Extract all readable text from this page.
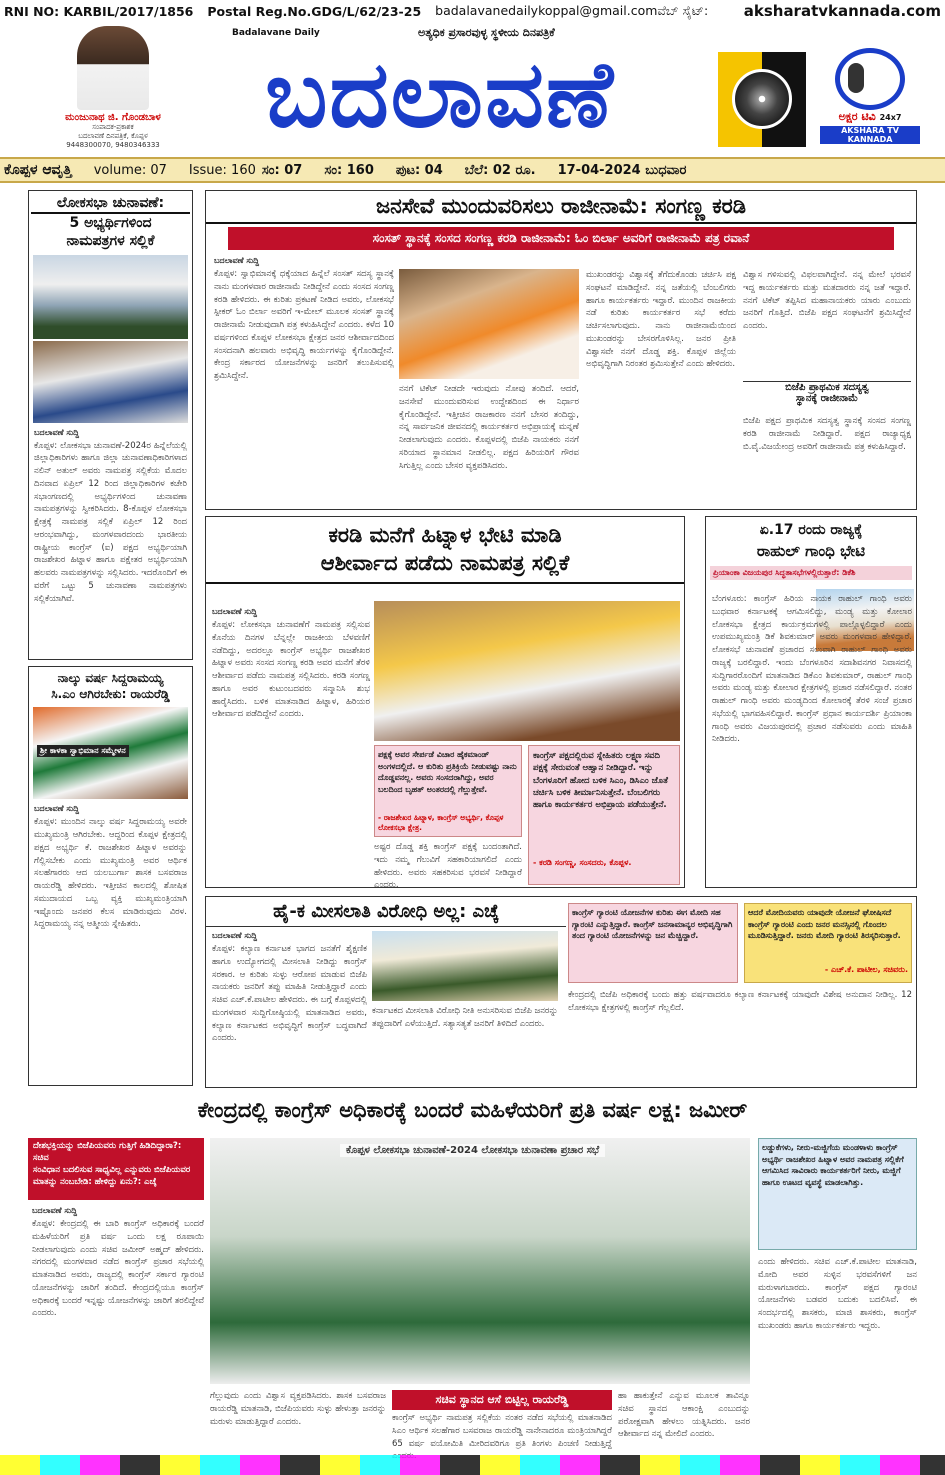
RNI NO: KARBIL/2017/1856 Postal Reg.No.GDG/L/62/23-25 badalavanedailykoppal@gmail.comವೆಬ್ ಸೈಟ್: aksharatvkannada.com
ಮಂಜುನಾಥ ಜಿ. ಗೊಂಡಬಾಳ
ಸಂಪಾದಕ-ಪ್ರಕಾಶಕ
ಬದಲಾವಣೆ ದಿನಪತ್ರಿಕೆ, ಕೊಪ್ಪಳ
9448300070, 9480346333
Badalavane Daily	ಅತ್ಯಧಿಕ ಪ್ರಸಾರವುಳ್ಳ ಸ್ಥಳೀಯ ದಿನಪತ್ರಿಕೆ
ಬದಲಾವಣೆ	ಅಕ್ಷರ ಟಿವಿ 24x7
AKSHARA TV KANNADA
ಕೊಪ್ಪಳ ಆವೃತ್ತಿ volume: 07 Issue: 160 ಸಂ: 07 ಸಂ: 160 ಪುಟ: 04 ಬೆಲೆ: 02 ರೂ. 17-04-2024 ಬುಧವಾರ
ಲೋಕಸಭಾ ಚುನಾವಣೆ:
5 ಅಭ್ಯರ್ಥಿಗಳಿಂದ
ನಾಮಪತ್ರಗಳ ಸಲ್ಲಿಕೆ
ಬದಲಾವಣೆ ಸುದ್ದಿ
ಕೊಪ್ಪಳ: ಲೋಕಸಭಾ ಚುನಾವಣೆ-2024ರ ಹಿನ್ನೆಲೆಯಲ್ಲಿ ಜಿಲ್ಲಾಧಿಕಾರಿಗಳು ಹಾಗೂ ಜಿಲ್ಲಾ ಚುನಾವಣಾಧಿಕಾರಿಗಳಾದ ನಲಿನ್ ಅತುಲ್ ಅವರು ನಾಮಪತ್ರ ಸಲ್ಲಿಕೆಯ ಮೊದಲ ದಿನವಾದ ಏಪ್ರಿಲ್ 12 ರಿಂದ ಜಿಲ್ಲಾಧಿಕಾರಿಗಳ ಕಚೇರಿ ಸಭಾಂಗಣದಲ್ಲಿ ಅಭ್ಯರ್ಥಿಗಳಿಂದ ಚುನಾವಣಾ ನಾಮಪತ್ರಗಳನ್ನು ಸ್ವೀಕರಿಸಿದರು. 8-ಕೊಪ್ಪಳ ಲೋಕಸಭಾ ಕ್ಷೇತ್ರಕ್ಕೆ ನಾಮಪತ್ರ ಸಲ್ಲಿಕೆ ಏಪ್ರಿಲ್ 12 ರಿಂದ ಆರಂಭವಾಗಿದ್ದು, ಮಂಗಳವಾರದಂದು ಭಾರತೀಯ ರಾಷ್ಟ್ರೀಯ ಕಾಂಗ್ರೆಸ್ (ಐ) ಪಕ್ಷದ ಅಭ್ಯರ್ಥಿಯಾಗಿ ರಾಜಶೇಖರ ಹಿಟ್ನಾಳ ಹಾಗೂ ಪಕ್ಷೇತರ ಅಭ್ಯರ್ಥಿಯಾಗಿ ಹಲವರು ನಾಮಪತ್ರಗಳನ್ನು ಸಲ್ಲಿಸಿದರು. ಇದರೊಂದಿಗೆ ಈ ವರೆಗೆ ಒಟ್ಟು 5 ಚುನಾವಣಾ ನಾಮಪತ್ರಗಳು ಸಲ್ಲಿಕೆಯಾಗಿವೆ.
ನಾಲ್ಕು ವರ್ಷ ಸಿದ್ದರಾಮಯ್ಯ
ಸಿ.ಎಂ ಆಗಿರಬೇಕು: ರಾಯರೆಡ್ಡಿ
ಶ್ರೀ ಕಾಳಕಾ ಸ್ವಾಭಿಮಾನ ಸಮ್ಮೇಳನ
ಬದಲಾವಣೆ ಸುದ್ದಿ
ಕೊಪ್ಪಳ: ಮುಂದಿನ ನಾಲ್ಕು ವರ್ಷ ಸಿದ್ದರಾಮಯ್ಯ ಅವರೇ ಮುಖ್ಯಮಂತ್ರಿ ಆಗಿರಬೇಕು. ಆದ್ದರಿಂದ ಕೊಪ್ಪಳ ಕ್ಷೇತ್ರದಲ್ಲಿ ಪಕ್ಷದ ಅಭ್ಯರ್ಥಿ ಕೆ. ರಾಜಶೇಖರ ಹಿಟ್ನಾಳ ಅವರನ್ನು ಗೆಲ್ಲಿಸಬೇಕು ಎಂದು ಮುಖ್ಯಮಂತ್ರಿ ಅವರ ಆರ್ಥಿಕ ಸಲಹೆಗಾರರು ಆದ ಯಲಬುರ್ಗಾ ಶಾಸಕ ಬಸವರಾಜ ರಾಯರೆಡ್ಡಿ ಹೇಳಿದರು. ಇತ್ತೀಚಿನ ಕಾಲದಲ್ಲಿ ಶೋಷಿತ ಸಮುದಾಯದ ಒಬ್ಬ ವ್ಯಕ್ತಿ ಮುಖ್ಯಮಂತ್ರಿಯಾಗಿ ಇಷ್ಟೊಂದು ಜನಪರ ಕೆಲಸ ಮಾಡಿರುವುದು ವಿರಳ. ಸಿದ್ದರಾಮಯ್ಯ ನನ್ನ ಆತ್ಮೀಯ ಸ್ನೇಹಿತರು.
ಜನಸೇವೆ ಮುಂದುವರಿಸಲು ರಾಜೀನಾಮೆ: ಸಂಗಣ್ಣ ಕರಡಿ
ಸಂಸತ್ ಸ್ಥಾನಕ್ಕೆ ಸಂಸದ ಸಂಗಣ್ಣ ಕರಡಿ ರಾಜೀನಾಮೆ: ಓಂ ಬಿರ್ಲಾ ಅವರಿಗೆ ರಾಜೀನಾಮೆ ಪತ್ರ ರವಾನೆ
ಬದಲಾವಣೆ ಸುದ್ದಿ
ಕೊಪ್ಪಳ: ಸ್ವಾಭಿಮಾನಕ್ಕೆ ಧಕ್ಕೆಯಾದ ಹಿನ್ನೆಲೆ ಸಂಸತ್ ಸದಸ್ಯ ಸ್ಥಾನಕ್ಕೆ ನಾನು ಮಂಗಳವಾರ ರಾಜೀನಾಮೆ ನೀಡಿದ್ದೇನೆ ಎಂದು ಸಂಸದ ಸಂಗಣ್ಣ ಕರಡಿ ಹೇಳಿದರು. ಈ ಕುರಿತು ಪ್ರಕಟಣೆ ನೀಡಿದ ಅವರು, ಲೋಕಸಭೆ ಸ್ಪೀಕರ್ ಓಂ ಬಿರ್ಲಾ ಅವರಿಗೆ ಇ-ಮೇಲ್ ಮೂಲಕ ಸಂಸತ್ ಸ್ಥಾನಕ್ಕೆ ರಾಜೀನಾಮೆ ನೀಡುವುದಾಗಿ ಪತ್ರ ಕಳುಹಿಸಿದ್ದೇನೆ ಎಂದರು. ಕಳೆದ 10 ವರ್ಷಗಳಿಂದ ಕೊಪ್ಪಳ ಲೋಕಸಭಾ ಕ್ಷೇತ್ರದ ಜನರ ಆಶೀರ್ವಾದದಿಂದ ಸಂಸದನಾಗಿ ಹಲವಾರು ಅಭಿವೃದ್ಧಿ ಕಾರ್ಯಗಳನ್ನು ಕೈಗೊಂಡಿದ್ದೇನೆ. ಕೇಂದ್ರ ಸರ್ಕಾರದ ಯೋಜನೆಗಳನ್ನು ಜನರಿಗೆ ತಲುಪಿಸುವಲ್ಲಿ ಶ್ರಮಿಸಿದ್ದೇನೆ.
ನನಗೆ ಟಿಕೆಟ್ ನೀಡದೇ ಇರುವುದು ನೋವು ತಂದಿದೆ. ಆದರೆ, ಜನಸೇವೆ ಮುಂದುವರಿಸುವ ಉದ್ದೇಶದಿಂದ ಈ ನಿರ್ಧಾರ ಕೈಗೊಂಡಿದ್ದೇನೆ. ಇತ್ತೀಚಿನ ರಾಜಕಾರಣ ನನಗೆ ಬೇಸರ ತಂದಿದ್ದು, ನನ್ನ ಸಾರ್ವಜನಿಕ ಜೀವನದಲ್ಲಿ ಕಾರ್ಯಕರ್ತರ ಅಭಿಪ್ರಾಯಕ್ಕೆ ಮನ್ನಣೆ ನೀಡಲಾಗುವುದು ಎಂದರು. ಕೊಪ್ಪಳದಲ್ಲಿ ಬಿಜೆಪಿ ನಾಯಕರು ನನಗೆ ಸರಿಯಾದ ಸ್ಥಾನಮಾನ ನೀಡಲಿಲ್ಲ. ಪಕ್ಷದ ಹಿರಿಯರಿಗೆ ಗೌರವ ಸಿಗುತ್ತಿಲ್ಲ ಎಂದು ಬೇಸರ ವ್ಯಕ್ತಪಡಿಸಿದರು.
ಮುಖಂಡರನ್ನು ವಿಶ್ವಾಸಕ್ಕೆ ತೆಗೆದುಕೊಂಡು ಚರ್ಚಿಸಿ ಪಕ್ಷ ಸಂಘಟನೆ ಮಾಡಿದ್ದೇನೆ. ನನ್ನ ಜತೆಯಲ್ಲಿ ಬೆಂಬಲಿಗರು ಹಾಗೂ ಕಾರ್ಯಕರ್ತರು ಇದ್ದಾರೆ. ಮುಂದಿನ ರಾಜಕೀಯ ನಡೆ ಕುರಿತು ಕಾರ್ಯಕರ್ತರ ಸಭೆ ಕರೆದು ಚರ್ಚಿಸಲಾಗುವುದು. ನಾನು ರಾಜೀನಾಮೆಯಿಂದ ಮುಖಂಡರನ್ನು ಬೇಸರಗೊಳಿಸಿಲ್ಲ. ಜನರ ಪ್ರೀತಿ ವಿಶ್ವಾಸವೇ ನನಗೆ ದೊಡ್ಡ ಶಕ್ತಿ. ಕೊಪ್ಪಳ ಜಿಲ್ಲೆಯ ಅಭಿವೃದ್ಧಿಗಾಗಿ ನಿರಂತರ ಶ್ರಮಿಸುತ್ತೇನೆ ಎಂದು ಹೇಳಿದರು.
ವಿಶ್ವಾಸ ಗಳಿಸುವಲ್ಲಿ ವಿಫಲವಾಗಿದ್ದೇನೆ. ನನ್ನ ಮೇಲೆ ಭರವಸೆ ಇದ್ದ ಕಾರ್ಯಕರ್ತರು ಮತ್ತು ಮತದಾರರು ನನ್ನ ಜತೆ ಇದ್ದಾರೆ. ನನಗೆ ಟಿಕೆಟ್ ತಪ್ಪಿಸಿದ ಮಹಾನಾಯಕರು ಯಾರು ಎಂಬುದು ಜನರಿಗೆ ಗೊತ್ತಿದೆ. ಬಿಜೆಪಿ ಪಕ್ಷದ ಸಂಘಟನೆಗೆ ಶ್ರಮಿಸಿದ್ದೇನೆ ಎಂದರು.
ಬಿಜೆಪಿ ಪ್ರಾಥಮಿಕ ಸದಸ್ಯತ್ವ
ಸ್ಥಾನಕ್ಕೆ ರಾಜೀನಾಮೆ
ಬಿಜೆಪಿ ಪಕ್ಷದ ಪ್ರಾಥಮಿಕ ಸದಸ್ಯತ್ವ ಸ್ಥಾನಕ್ಕೆ ಸಂಸದ ಸಂಗಣ್ಣ ಕರಡಿ ರಾಜೀನಾಮೆ ನೀಡಿದ್ದಾರೆ. ಪಕ್ಷದ ರಾಜ್ಯಾಧ್ಯಕ್ಷ ಬಿ.ವೈ.ವಿಜಯೇಂದ್ರ ಅವರಿಗೆ ರಾಜೀನಾಮೆ ಪತ್ರ ಕಳುಹಿಸಿದ್ದಾರೆ.
ಕರಡಿ ಮನೆಗೆ ಹಿಟ್ನಾಳ ಭೇಟಿ ಮಾಡಿ
ಆಶೀರ್ವಾದ ಪಡೆದು ನಾಮಪತ್ರ ಸಲ್ಲಿಕೆ
ಬದಲಾವಣೆ ಸುದ್ದಿ
ಕೊಪ್ಪಳ: ಲೋಕಸಭಾ ಚುನಾವಣೆಗೆ ನಾಮಪತ್ರ ಸಲ್ಲಿಸುವ ಕೊನೆಯ ದಿನಗಳ ಬೆನ್ನಲ್ಲೇ ರಾಜಕೀಯ ಬೆಳವಣಿಗೆ ನಡೆದಿದ್ದು, ಅದರಲ್ಲೂ ಕಾಂಗ್ರೆಸ್ ಅಭ್ಯರ್ಥಿ ರಾಜಶೇಖರ ಹಿಟ್ನಾಳ ಅವರು ಸಂಸದ ಸಂಗಣ್ಣ ಕರಡಿ ಅವರ ಮನೆಗೆ ತೆರಳಿ ಆಶೀರ್ವಾದ ಪಡೆದು ನಾಮಪತ್ರ ಸಲ್ಲಿಸಿದರು. ಕರಡಿ ಸಂಗಣ್ಣ ಹಾಗೂ ಅವರ ಕುಟುಂಬದವರು ಸನ್ಮಾನಿಸಿ ಶುಭ ಹಾರೈಸಿದರು. ಬಳಿಕ ಮಾತನಾಡಿದ ಹಿಟ್ನಾಳ, ಹಿರಿಯರ ಆಶೀರ್ವಾದ ಪಡೆದಿದ್ದೇನೆ ಎಂದರು.
ಪಕ್ಷಕ್ಕೆ ಅವರ ಸೇರ್ಪಡೆ ವಿಚಾರ ಹೈಕಮಾಂಡ್ ಅಂಗಳದಲ್ಲಿದೆ. ಆ ಕುರಿತು ಪ್ರತಿಕ್ರಿಯೆ ನೀಡುವಷ್ಟು ನಾನು ದೊಡ್ಡವನಲ್ಲ. ಅವರು ಸಂಸದರಾಗಿದ್ದು, ಅವರ ಬಲದಿಂದ ಬೃಹತ್ ಅಂತರದಲ್ಲಿ ಗೆಲ್ಲುತ್ತೇವೆ.
- ರಾಜಶೇಖರ ಹಿಟ್ನಾಳ, ಕಾಂಗ್ರೆಸ್ ಅಭ್ಯರ್ಥಿ, ಕೊಪ್ಪಳ ಲೋಕಸಭಾ ಕ್ಷೇತ್ರ.
ಅಷ್ಟರ ದೊಡ್ಡ ಶಕ್ತಿ ಕಾಂಗ್ರೆಸ್ ಪಕ್ಷಕ್ಕೆ ಬಂದಂತಾಗಿದೆ. ಇದು ನಮ್ಮ ಗೆಲುವಿಗೆ ಸಹಕಾರಿಯಾಗಲಿದೆ ಎಂದು ಹೇಳಿದರು. ಅವರು ಸಹಕರಿಸುವ ಭರವಸೆ ನೀಡಿದ್ದಾರೆ ಎಂದರು.
ಕಾಂಗ್ರೆಸ್ ಪಕ್ಷದಲ್ಲಿರುವ ಸ್ನೇಹಿತರು ಲಕ್ಷ್ಮಣ ಸವದಿ ಪಕ್ಷಕ್ಕೆ ಸೇರುವಂತೆ ಆಹ್ವಾನ ನೀಡಿದ್ದಾರೆ. ಇನ್ನು ಬೆಂಗಳೂರಿಗೆ ಹೋದ ಬಳಿಕ ಸಿಎಂ, ಡಿಸಿಎಂ ಜೊತೆ ಚರ್ಚಿಸಿ ಬಳಿಕ ತೀರ್ಮಾನಿಸುತ್ತೇನೆ. ಬೆಂಬಲಿಗರು ಹಾಗೂ ಕಾರ್ಯಕರ್ತರ ಅಭಿಪ್ರಾಯ ಪಡೆಯುತ್ತೇನೆ.
- ಕರಡಿ ಸಂಗಣ್ಣ, ಸಂಸದರು, ಕೊಪ್ಪಳ.
ಏ.17 ರಂದು ರಾಜ್ಯಕ್ಕೆ
ರಾಹುಲ್ ಗಾಂಧಿ ಭೇಟಿ
ಪ್ರಿಯಾಂಕಾ ವಿಜಯಪುರ ಸಿದ್ಧತಾಸಭೆಗಳಲ್ಲಿರುತ್ತಾರೆ: ಡಿಕೆಶಿ
ಬೆಂಗಳೂರು: ಕಾಂಗ್ರೆಸ್ ಹಿರಿಯ ನಾಯಕ ರಾಹುಲ್ ಗಾಂಧಿ ಅವರು ಬುಧವಾರ ಕರ್ನಾಟಕಕ್ಕೆ ಆಗಮಿಸಲಿದ್ದು, ಮಂಡ್ಯ ಮತ್ತು ಕೋಲಾರ ಲೋಕಸಭಾ ಕ್ಷೇತ್ರದ ಕಾರ್ಯಕ್ರಮಗಳಲ್ಲಿ ಪಾಲ್ಗೊಳ್ಳಲಿದ್ದಾರೆ ಎಂದು ಉಪಮುಖ್ಯಮಂತ್ರಿ ಡಿಕೆ ಶಿವಕುಮಾರ್ ಅವರು ಮಂಗಳವಾರ ಹೇಳಿದ್ದಾರೆ. ಲೋಕಸಭೆ ಚುನಾವಣೆ ಪ್ರಚಾರದ ಸಲುವಾಗಿ ರಾಹುಲ್ ಗಾಂಧಿ ಅವರು ರಾಜ್ಯಕ್ಕೆ ಬರಲಿದ್ದಾರೆ. ಇಂದು ಬೆಂಗಳೂರಿನ ಸದಾಶಿವನಗರ ನಿವಾಸದಲ್ಲಿ ಸುದ್ದಿಗಾರರೊಂದಿಗೆ ಮಾತನಾಡಿದ ಡಿಕೆಎಂ ಶಿವಕುಮಾರ್, ರಾಹುಲ್ ಗಾಂಧಿ ಅವರು ಮಂಡ್ಯ ಮತ್ತು ಕೋಲಾರ ಕ್ಷೇತ್ರಗಳಲ್ಲಿ ಪ್ರಚಾರ ನಡೆಸಲಿದ್ದಾರೆ. ನಂತರ ರಾಹುಲ್ ಗಾಂಧಿ ಅವರು ಮಂಡ್ಯದಿಂದ ಕೋಲಾರಕ್ಕೆ ತೆರಳಿ ಸಂಜೆ ಪ್ರಚಾರ ಸಭೆಯಲ್ಲಿ ಭಾಗವಹಿಸಲಿದ್ದಾರೆ. ಕಾಂಗ್ರೆಸ್ ಪ್ರಧಾನ ಕಾರ್ಯದರ್ಶಿ ಪ್ರಿಯಾಂಕಾ ಗಾಂಧಿ ಅವರು ವಿಜಯಪುರದಲ್ಲಿ ಪ್ರಚಾರ ನಡೆಸುವರು ಎಂದು ಮಾಹಿತಿ ನೀಡಿದರು.
ಹೈ-ಕ ಮೀಸಲಾತಿ ವಿರೋಧಿ ಅಲ್ಲ: ಎಚ್ಕೆ
ಬದಲಾವಣೆ ಸುದ್ದಿ
ಕೊಪ್ಪಳ: ಕಲ್ಯಾಣ ಕರ್ನಾಟಕ ಭಾಗದ ಜನತೆಗೆ ಶೈಕ್ಷಣಿಕ ಹಾಗೂ ಉದ್ಯೋಗದಲ್ಲಿ ಮೀಸಲಾತಿ ನೀಡಿದ್ದು ಕಾಂಗ್ರೆಸ್ ಸರಕಾರ. ಆ ಕುರಿತು ಸುಳ್ಳು ಆರೋಪ ಮಾಡುವ ಬಿಜೆಪಿ ನಾಯಕರು ಜನರಿಗೆ ತಪ್ಪು ಮಾಹಿತಿ ನೀಡುತ್ತಿದ್ದಾರೆ ಎಂದು ಸಚಿವ ಎಚ್.ಕೆ.ಪಾಟೀಲ ಹೇಳಿದರು. ಈ ಬಗ್ಗೆ ಕೊಪ್ಪಳದಲ್ಲಿ ಮಂಗಳವಾರ ಸುದ್ದಿಗೋಷ್ಠಿಯಲ್ಲಿ ಮಾತನಾಡಿದ ಅವರು, ಕಲ್ಯಾಣ ಕರ್ನಾಟಕದ ಅಭಿವೃದ್ಧಿಗೆ ಕಾಂಗ್ರೆಸ್ ಬದ್ಧವಾಗಿದೆ ಎಂದರು.
ಕರ್ನಾಟಕದ ಮೀಸಲಾತಿ ವಿರೋಧಿ ನೀತಿ ಅನುಸರಿಸುವ ಬಿಜೆಪಿ ಜನರನ್ನು ತಪ್ಪುದಾರಿಗೆ ಎಳೆಯುತ್ತಿದೆ. ಸತ್ಯಾಸತ್ಯತೆ ಜನರಿಗೆ ತಿಳಿದಿದೆ ಎಂದರು.
ಕಾಂಗ್ರೆಸ್ ಗ್ಯಾರಂಟಿ ಯೋಜನೆಗಳ ಕುರಿತು ಈಗ ಮೋದಿ ಸಹ ಗ್ಯಾರಂಟಿ ಎನ್ನುತ್ತಿದ್ದಾರೆ. ಕಾಂಗ್ರೆಸ್ ಜನಸಾಮಾನ್ಯರ ಅಭಿವೃದ್ಧಿಗಾಗಿ ತಂದ ಗ್ಯಾರಂಟಿ ಯೋಜನೆಗಳನ್ನು ಜನ ಮೆಚ್ಚಿದ್ದಾರೆ.
ಆದರೆ ಮೋದಿಯವರು ಯಾವುದೇ ಯೋಜನೆ ಘೋಷಿಸದೆ ಕಾಂಗ್ರೆಸ್ ಗ್ಯಾರಂಟಿ ಎಂದು ಜನರ ಮನಸ್ಸಿನಲ್ಲಿ ಗೊಂದಲ ಮೂಡಿಸುತ್ತಿದ್ದಾರೆ. ಜನರು ಮೋದಿ ಗ್ಯಾರಂಟಿ ತಿರಸ್ಕರಿಸುತ್ತಾರೆ.
- ಎಚ್.ಕೆ. ಪಾಟೀಲ, ಸಚಿವರು.
ಕೇಂದ್ರದಲ್ಲಿ ಬಿಜೆಪಿ ಅಧಿಕಾರಕ್ಕೆ ಬಂದು ಹತ್ತು ವರ್ಷವಾದರೂ ಕಲ್ಯಾಣ ಕರ್ನಾಟಕಕ್ಕೆ ಯಾವುದೇ ವಿಶೇಷ ಅನುದಾನ ನೀಡಿಲ್ಲ. 12 ಲೋಕಸಭಾ ಕ್ಷೇತ್ರಗಳಲ್ಲಿ ಕಾಂಗ್ರೆಸ್ ಗೆಲ್ಲಲಿದೆ.
ಕೇಂದ್ರದಲ್ಲಿ ಕಾಂಗ್ರೆಸ್ ಅಧಿಕಾರಕ್ಕೆ ಬಂದರೆ ಮಹಿಳೆಯರಿಗೆ ಪ್ರತಿ ವರ್ಷ ಲಕ್ಷ: ಜಮೀರ್
ದೇಶಭಕ್ತಿಯನ್ನು ಬಿಜೆಪಿಯವರು ಗುತ್ತಿಗೆ ಹಿಡಿದಿದ್ದಾರಾ?: ಸಚಿವ
ಸಂವಿಧಾನ ಬದಲಿಸುವ ಸಾಧ್ಯವಿಲ್ಲ ಎನ್ನುವರು ಬಿಜೆಪಿಯವರ ಮಾತನ್ನು ನಂಬಬೇಡಿ: ಹೇಳಿದ್ದು ಏನು?: ಎಚ್ಕೆ
ಬದಲಾವಣೆ ಸುದ್ದಿ
ಕೊಪ್ಪಳ: ಕೇಂದ್ರದಲ್ಲಿ ಈ ಬಾರಿ ಕಾಂಗ್ರೆಸ್ ಅಧಿಕಾರಕ್ಕೆ ಬಂದರೆ ಮಹಿಳೆಯರಿಗೆ ಪ್ರತಿ ವರ್ಷ ಒಂದು ಲಕ್ಷ ರೂಪಾಯಿ ನೀಡಲಾಗುವುದು ಎಂದು ಸಚಿವ ಜಮೀರ್ ಅಹ್ಮದ್ ಹೇಳಿದರು. ನಗರದಲ್ಲಿ ಮಂಗಳವಾರ ನಡೆದ ಕಾಂಗ್ರೆಸ್ ಪ್ರಚಾರ ಸಭೆಯಲ್ಲಿ ಮಾತನಾಡಿದ ಅವರು, ರಾಜ್ಯದಲ್ಲಿ ಕಾಂಗ್ರೆಸ್ ಸರ್ಕಾರ ಗ್ಯಾರಂಟಿ ಯೋಜನೆಗಳನ್ನು ಜಾರಿಗೆ ತಂದಿದೆ. ಕೇಂದ್ರದಲ್ಲಿಯೂ ಕಾಂಗ್ರೆಸ್ ಅಧಿಕಾರಕ್ಕೆ ಬಂದರೆ ಇನ್ನಷ್ಟು ಯೋಜನೆಗಳನ್ನು ಜಾರಿಗೆ ತರಲಿದ್ದೇವೆ ಎಂದರು.
ಕೊಪ್ಪಳ ಲೋಕಸಭಾ ಚುನಾವಣೆ-2024 ಲೋಕಸಭಾ ಚುನಾವಣಾ ಪ್ರಚಾರ ಸಭೆ
ಗೆಲ್ಲುವುದು ಎಂದು ವಿಶ್ವಾಸ ವ್ಯಕ್ತಪಡಿಸಿದರು. ಶಾಸಕ ಬಸವರಾಜ ರಾಯರೆಡ್ಡಿ ಮಾತನಾಡಿ, ಬಿಜೆಪಿಯವರು ಸುಳ್ಳು ಹೇಳುತ್ತಾ ಜನರನ್ನು ಮರುಳು ಮಾಡುತ್ತಿದ್ದಾರೆ ಎಂದರು.
ಸಚಿವ ಸ್ಥಾನದ ಆಸೆ ಬಿಟ್ಟಿಲ್ಲ ರಾಯರೆಡ್ಡಿ
ಕಾಂಗ್ರೆಸ್ ಅಭ್ಯರ್ಥಿ ನಾಮಪತ್ರ ಸಲ್ಲಿಕೆಯ ನಂತರ ನಡೆದ ಸಭೆಯಲ್ಲಿ ಮಾತನಾಡಿದ ಸಿಎಂ ಆರ್ಥಿಕ ಸಲಹೆಗಾರ ಬಸವರಾಜ ರಾಯರೆಡ್ಡಿ ನಾನೇನಾದರೂ ಮಂತ್ರಿಯಾಗಿದ್ದರೆ 65 ವರ್ಷ ವಯೋಮಿತಿ ಮೀರಿದವರಿಗೂ ಪ್ರತಿ ತಿಂಗಳು ಪಿಂಚಣಿ ನೀಡುತ್ತಿದ್ದೆ
ಹಾ ಹಾಕುತ್ತೇನೆ ಎನ್ನುವ ಮೂಲಕ ತಾವಿನ್ನೂ ಸಚಿವ ಸ್ಥಾನದ ಆಕಾಂಕ್ಷಿ ಎಂಬುದನ್ನು ಪರೋಕ್ಷವಾಗಿ ಹೇಳಲು ಯತ್ನಿಸಿದರು. ಜನರ ಆಶೀರ್ವಾದ ನನ್ನ ಮೇಲಿದೆ ಎಂದರು.
ಲಡ್ಡುಕೆಗಳು, ನೀರು-ಮಜ್ಜಿಗೆಯ ಮಂಡಳಾಳು ಕಾಂಗ್ರೆಸ್ ಅಭ್ಯರ್ಥಿ ರಾಜಶೇಖರ ಹಿಟ್ನಾಳ ಅವರ ನಾಮಪತ್ರ ಸಲ್ಲಿಕೆಗೆ ಆಗಮಿಸಿದ ಸಾವಿರಾರು ಕಾರ್ಯಕರ್ತರಿಗೆ ನೀರು, ಮಜ್ಜಿಗೆ ಹಾಗೂ ಊಟದ ವ್ಯವಸ್ಥೆ ಮಾಡಲಾಗಿತ್ತು.
ಎಂದು ಹೇಳಿದರು. ಸಚಿವ ಎಚ್.ಕೆ.ಪಾಟೀಲ ಮಾತನಾಡಿ, ಮೋದಿ ಅವರ ಸುಳ್ಳಿನ ಭರವಸೆಗಳಿಗೆ ಜನ ಮರುಳಾಗಬಾರದು. ಕಾಂಗ್ರೆಸ್ ಪಕ್ಷದ ಗ್ಯಾರಂಟಿ ಯೋಜನೆಗಳು ಬಡವರ ಬದುಕು ಬದಲಿಸಿವೆ. ಈ ಸಂದರ್ಭದಲ್ಲಿ ಶಾಸಕರು, ಮಾಜಿ ಶಾಸಕರು, ಕಾಂಗ್ರೆಸ್ ಮುಖಂಡರು ಹಾಗೂ ಕಾರ್ಯಕರ್ತರು ಇದ್ದರು.
